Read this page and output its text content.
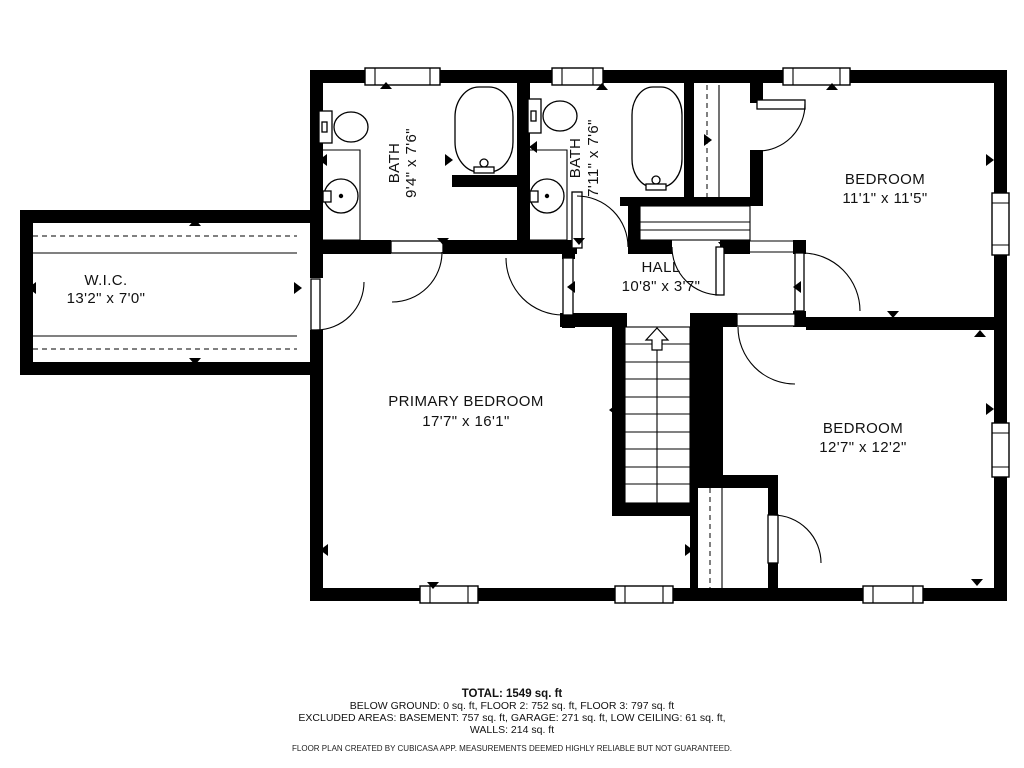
W.I.C.
13'2" x 7'0"
BATH 9'4" x 7'6"	BATH 7'11" x 7'6"	BEDROOM
11'1" x 11'5"
HALL
10'8" x 3'7"
PRIMARY BEDROOM
17'7" x 16'1"	BEDROOM
12'7" x 12'2"
TOTAL: 1549 sq. ft
BELOW GROUND: 0 sq. ft, FLOOR 2: 752 sq. ft, FLOOR 3: 797 sq. ft
EXCLUDED AREAS: BASEMENT: 757 sq. ft, GARAGE: 271 sq. ft, LOW CEILING: 61 sq. ft,
WALLS: 214 sq. ft
FLOOR PLAN CREATED BY CUBICASA APP. MEASUREMENTS DEEMED HIGHLY RELIABLE BUT NOT GUARANTEED.
